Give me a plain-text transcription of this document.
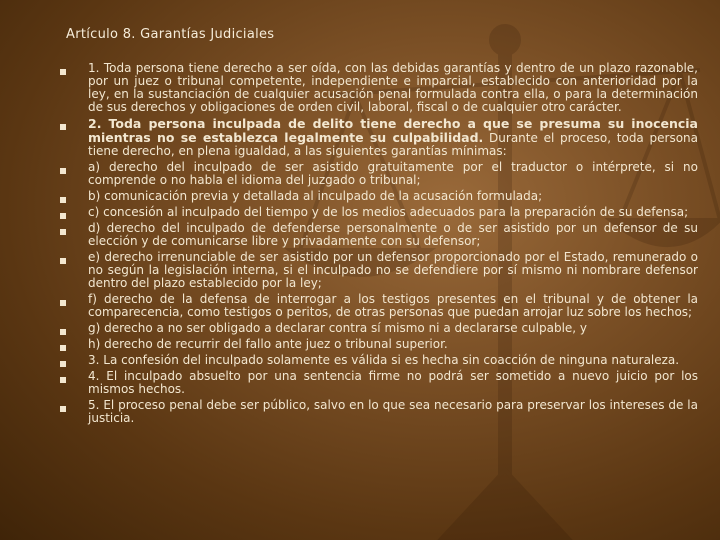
Artículo 8. Garantías Judiciales
1. Toda persona tiene derecho a ser oída, con las debidas garantías y dentro de un plazo razonable, por un juez o tribunal competente, independiente e imparcial, establecido con anterioridad por la ley, en la sustanciación de cualquier acusación penal formulada contra ella, o para la determinación de sus derechos y obligaciones de orden civil, laboral, fiscal o de cualquier otro carácter.
2. Toda persona inculpada de delito tiene derecho a que se presuma su inocencia mientras no se establezca legalmente su culpabilidad. Durante el proceso, toda persona tiene derecho, en plena igualdad, a las siguientes garantías mínimas:
a) derecho del inculpado de ser asistido gratuitamente por el traductor o intérprete, si no comprende o no habla el idioma del juzgado o tribunal;
b) comunicación previa y detallada al inculpado de la acusación formulada;
c) concesión al inculpado del tiempo y de los medios adecuados para la preparación de su defensa;
d) derecho del inculpado de defenderse personalmente o de ser asistido por un defensor de su elección y de comunicarse libre y privadamente con su defensor;
e) derecho irrenunciable de ser asistido por un defensor proporcionado por el Estado, remunerado o no según la legislación interna, si el inculpado no se defendiere por sí mismo ni nombrare defensor dentro del plazo establecido por la ley;
f) derecho de la defensa de interrogar a los testigos presentes en el tribunal y de obtener la comparecencia, como testigos o peritos, de otras personas que puedan arrojar luz sobre los hechos;
g) derecho a no ser obligado a declarar contra sí mismo ni a declararse culpable, y
h) derecho de recurrir del fallo ante juez o tribunal superior.
3. La confesión del inculpado solamente es válida si es hecha sin coacción de ninguna naturaleza.
4. El inculpado absuelto por una sentencia firme no podrá ser sometido a nuevo juicio por los mismos hechos.
5. El proceso penal debe ser público, salvo en lo que sea necesario para preservar los intereses de la justicia.
